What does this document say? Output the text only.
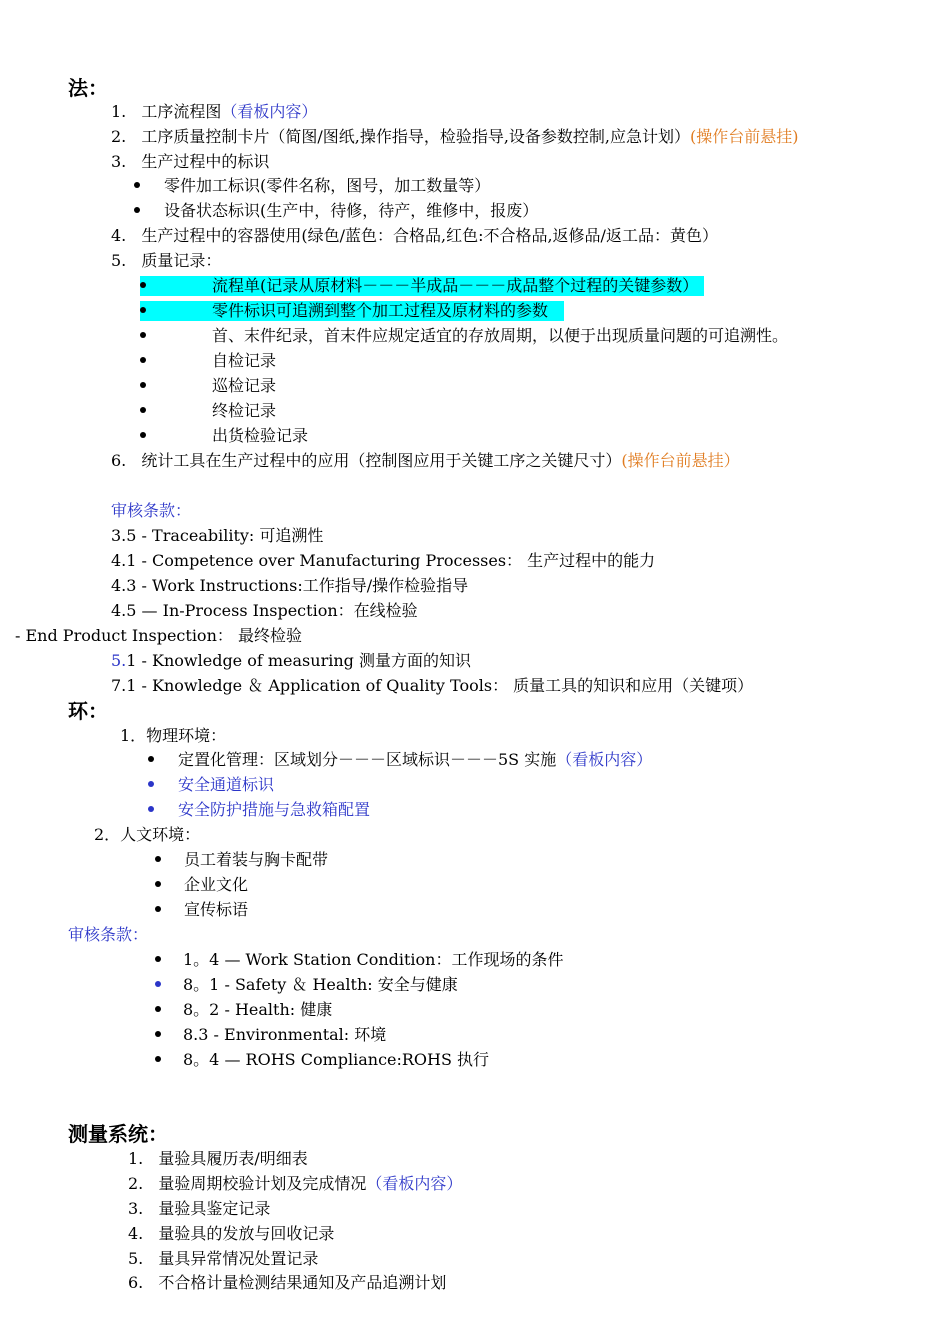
法：
1. 工序流程图（看板内容）
2. 工序质量控制卡片（简图/图纸,操作指导，检验指导,设备参数控制,应急计划）(操作台前悬挂)
3. 生产过程中的标识
零件加工标识(零件名称，图号，加工数量等）
设备状态标识(生产中，待修，待产，维修中，报废）
4. 生产过程中的容器使用(绿色/蓝色：合格品,红色:不合格品,返修品/返工品：黄色）
5. 质量记录：
流程单(记录从原材料－－－半成品－－－成品整个过程的关键参数）
零件标识可追溯到整个加工过程及原材料的参数
首、末件纪录，首末件应规定适宜的存放周期，以便于出现质量问题的可追溯性。
自检记录
巡检记录
终检记录
出货检验记录
6. 统计工具在生产过程中的应用（控制图应用于关键工序之关键尺寸）(操作台前悬挂）
审核条款：
3.5 - Traceability: 可追溯性
4.1 - Competence over Manufacturing Processes： 生产过程中的能力
4.3 - Work Instructions:工作指导/操作检验指导
4.5 — In-Process Inspection：在线检验
- End Product Inspection： 最终检验
5.1 - Knowledge of measuring 测量方面的知识
7.1 - Knowledge ＆ Application of Quality Tools： 质量工具的知识和应用（关键项）
环：
1．物理环境：
定置化管理：区域划分－－－区域标识－－－5S 实施（看板内容）
安全通道标识
安全防护措施与急救箱配置
2．人文环境：
员工着装与胸卡配带
企业文化
宣传标语
审核条款：
1。4 — Work Station Condition：工作现场的条件
8。1 - Safety ＆ Health: 安全与健康
8。2 - Health: 健康
8.3 - Environmental: 环境
8。4 — ROHS Compliance:ROHS 执行
测量系统：
1. 量验具履历表/明细表
2. 量验周期校验计划及完成情况（看板内容）
3. 量验具鉴定记录
4. 量验具的发放与回收记录
5. 量具异常情况处置记录
6. 不合格计量检测结果通知及产品追溯计划
